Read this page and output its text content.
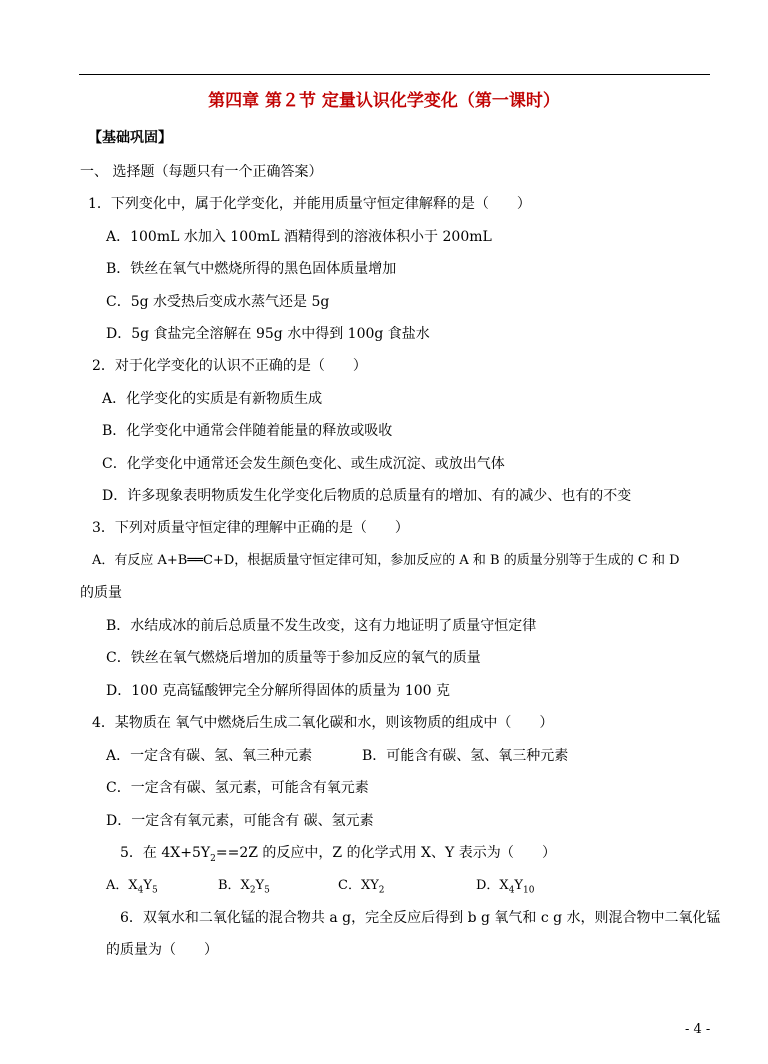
第四章 第２节 定量认识化学变化（第一课时）
【基础巩固】
一、 选择题（每题只有一个正确答案）
1．下列变化中，属于化学变化，并能用质量守恒定律解释的是（　　）
A．100mL 水加入 100mL 酒精得到的溶液体积小于 200mL
B．铁丝在氧气中燃烧所得的黑色固体质量增加
C．5g 水受热后变成水蒸气还是 5g
D．5g 食盐完全溶解在 95g 水中得到 100g 食盐水
2．对于化学变化的认识不正确的是（　　）
A．化学变化的实质是有新物质生成
B．化学变化中通常会伴随着能量的释放或吸收
C．化学变化中通常还会发生颜色变化、或生成沉淀、或放出气体
D．许多现象表明物质发生化学变化后物质的总质量有的增加、有的减少、也有的不变
3．下列对质量守恒定律的理解中正确的是（　　）
A．有反应 A+B══C+D，根据质量守恒定律可知，参加反应的 A 和 B 的质量分别等于生成的 C 和 D
的质量
B．水结成冰的前后总质量不发生改变，这有力地证明了质量守恒定律
C．铁丝在氧气燃烧后增加的质量等于参加反应的氧气的质量
D．100 克高锰酸钾完全分解所得固体的质量为 100 克
4．某物质在 氧气中燃烧后生成二氧化碳和水，则该物质的组成中（　　）
A．一定含有碳、氢、氧三种元素	B．可能含有碳、氢、氧三种元素
C．一定含有碳、氢元素，可能含有氧元素
D．一定含有氧元素，可能含有 碳、氢元素
5．在 $4X+5Y_2==2Z$ 的反应中，Z 的化学式用 X、Y 表示为 （　　）
A．$X_4Y_5$	B．$X_2Y_5$	C．$XY_2$	D．$X_4Y_{10}$
6．双氧水和二氧化锰的混合物共 a g，完全反应后得到 b g 氧气和 c g 水，则混合物中二氧化锰
的质量为（　　）
- 4 -
